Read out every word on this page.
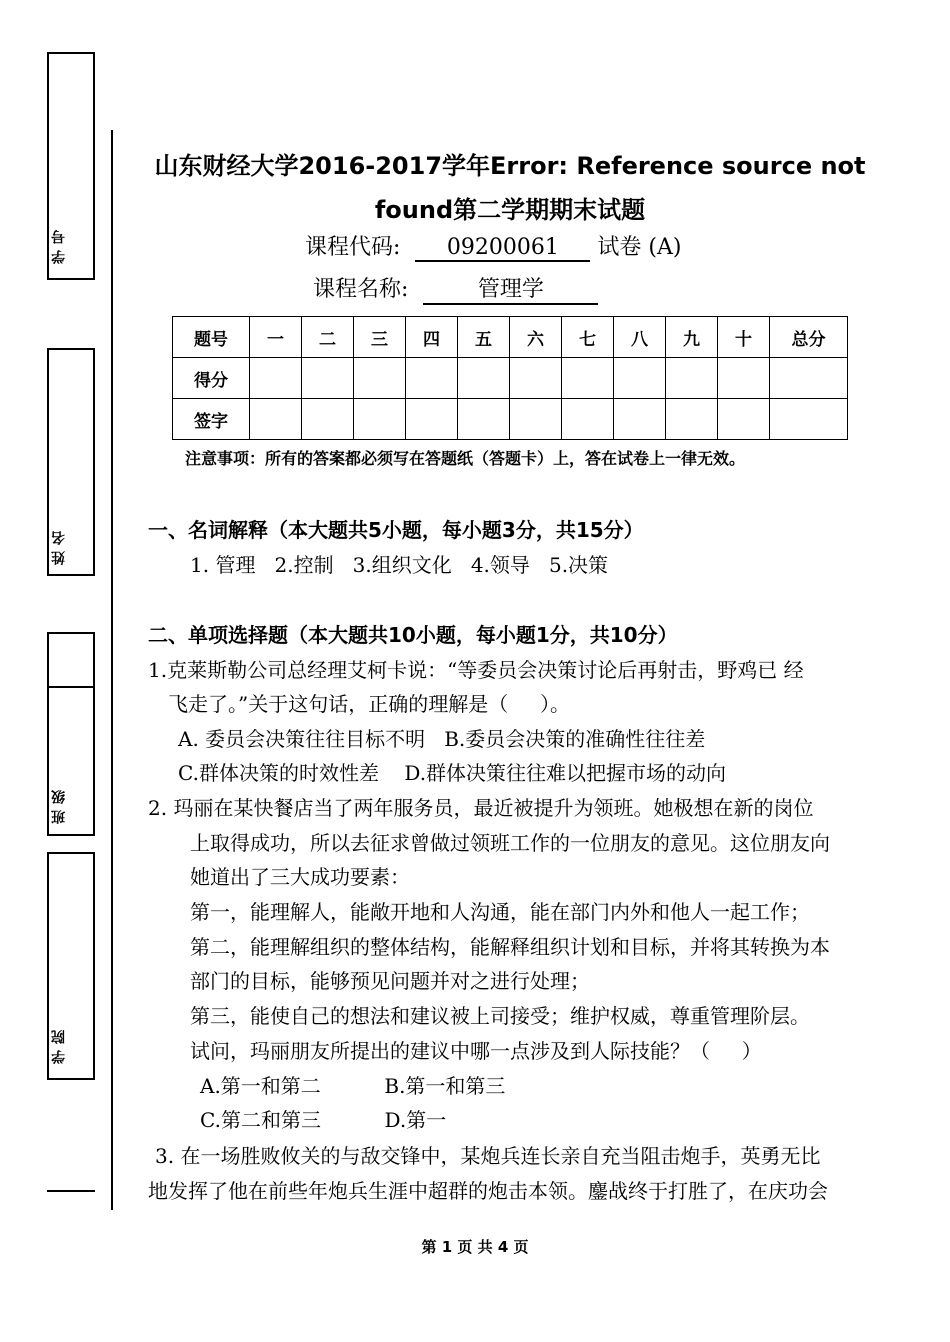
学号
姓名
班级
学院
山东财经大学2016-2017学年Error: Reference source not
found第二学期期末试题
课程代码: 09200061 试卷 (A)
课程名称:	管理学
题号	一	二	三	四	五	六	七	八	九	十	总分
得分											
签字											
注意事项：所有的答案都必须写在答题纸（答题卡）上，答在试卷上一律无效。
一、名词解释（本大题共5小题，每小题3分，共15分）
1. 管理   2.控制   3.组织文化   4.领导   5.决策
二、单项选择题（本大题共10小题，每小题1分，共10分）
1.克莱斯勒公司总经理艾柯卡说：“等委员会决策讨论后再射击，野鸡已 经
飞走了。”关于这句话，正确的理解是（     ）。
A. 委员会决策往往目标不明   B.委员会决策的准确性往往差
C.群体决策的时效性差    D.群体决策往往难以把握市场的动向
2. 玛丽在某快餐店当了两年服务员，最近被提升为领班。她极想在新的岗位
上取得成功，所以去征求曾做过领班工作的一位朋友的意见。这位朋友向
她道出了三大成功要素：
第一，能理解人，能敞开地和人沟通，能在部门内外和他人一起工作；
第二，能理解组织的整体结构，能解释组织计划和目标，并将其转换为本
部门的目标，能够预见问题并对之进行处理；
第三，能使自己的想法和建议被上司接受；维护权威，尊重管理阶层。
试问，玛丽朋友所提出的建议中哪一点涉及到人际技能？（     ）
A.第一和第二          B.第一和第三
C.第二和第三          D.第一
3. 在一场胜败攸关的与敌交锋中，某炮兵连长亲自充当阻击炮手，英勇无比
地发挥了他在前些年炮兵生涯中超群的炮击本领。鏖战终于打胜了，在庆功会
第 1 页 共 4 页
